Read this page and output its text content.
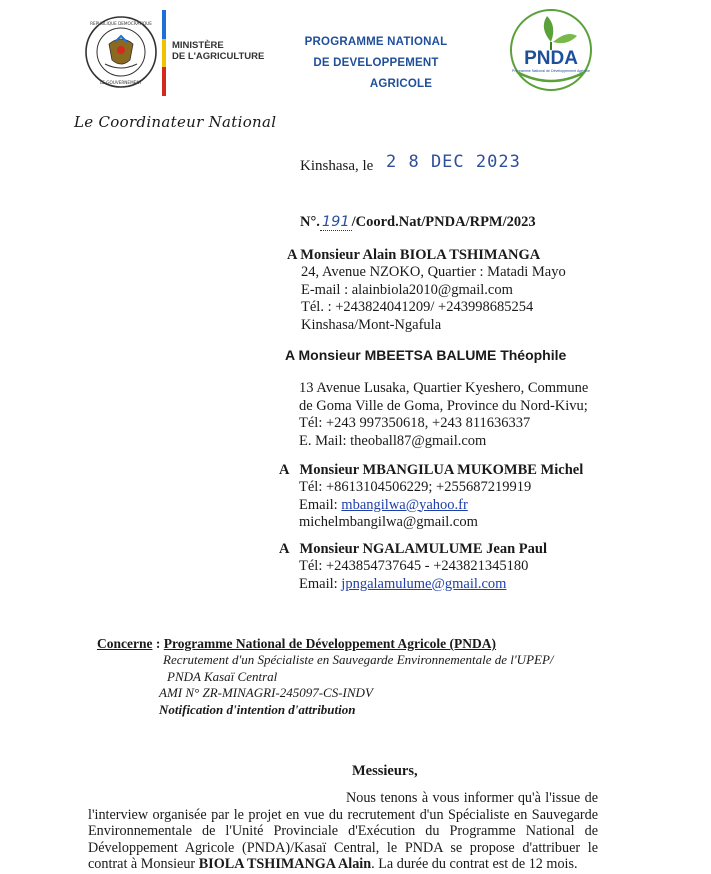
REPUBLIQUE DEMOCRATIQUE
LE GOUVERNEMENT
MINISTÈRE
DE L'AGRICULTURE
PROGRAMME NATIONAL
DE DEVELOPPEMENT
AGRICOLE
PNDA
Programme National de Développement Agricole
Le Coordinateur National
Kinshasa, le 2 8 DEC 2023
N°. 191 /Coord.Nat/PNDA/RPM/2023
A Monsieur Alain BIOLA TSHIMANGA
24, Avenue NZOKO, Quartier : Matadi Mayo
E-mail : alainbiola2010@gmail.com
Tél. : +243824041209/ +243998685254
Kinshasa/Mont-Ngafula
A Monsieur MBEETSA BALUME Théophile
13 Avenue Lusaka, Quartier Kyeshero, Commune
de Goma Ville de Goma, Province du Nord-Kivu;
Tél: +243 997350618, +243 811636337
E. Mail: theoball87@gmail.com
A   Monsieur MBANGILUA MUKOMBE Michel
Tél: +8613104506229; +255687219919
Email: mbangilwa@yahoo.fr
michelmbangilwa@gmail.com
A   Monsieur NGALAMULUME Jean Paul
Tél: +243854737645 - +243821345180
Email: jpngalamulume@gmail.com
Concerne : Programme National de Développement Agricole (PNDA)
Recrutement d'un Spécialiste en Sauvegarde Environnementale de l'UPEP/
PNDA Kasaï Central
AMI N° ZR-MINAGRI-245097-CS-INDV
Notification d'intention d'attribution
Messieurs,
Nous tenons à vous informer qu'à l'issue de l'interview organisée par le projet en vue du recrutement d'un Spécialiste en Sauvegarde Environnementale de l'Unité Provinciale d'Exécution du Programme National de Développement Agricole (PNDA)/Kasaï Central, le PNDA se propose d'attribuer le contrat à Monsieur BIOLA TSHIMANGA Alain. La durée du contrat est de 12 mois.
